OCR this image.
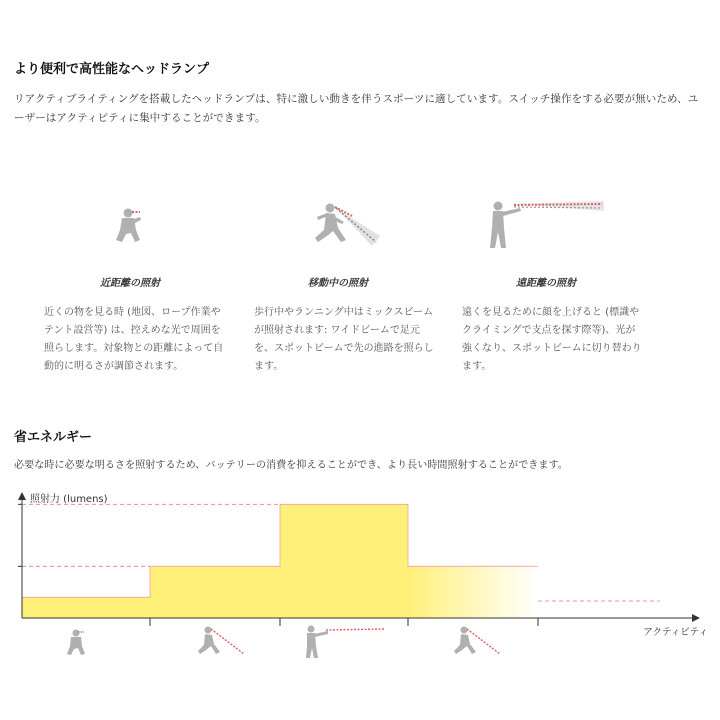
より便利で高性能なヘッドランプ
リアクティブライティングを搭載したヘッドランプは、特に激しい動きを伴うスポーツに適しています。スイッチ操作をする必要が無いため、ユーザーはアクティビティに集中することができます。
近距離の照射	移動中の照射	遠距離の照射
近くの物を見る時 (地図、ロープ作業やテント設営等) は、控えめな光で周囲を照らします。対象物との距離によって自動的に明るさが調節されます。
歩行中やランニング中はミックスビームが照射されます: ワイドビームで足元を、スポットビームで先の進路を照らします。
遠くを見るために顔を上げると (標識やクライミングで支点を探す際等)、光が強くなり、スポットビームに切り替わります。
省エネルギー
必要な時に必要な明るさを照射するため、バッテリーの消費を抑えることができ、より長い時間照射することができます。
照射力 (lumens)
アクティビティ
